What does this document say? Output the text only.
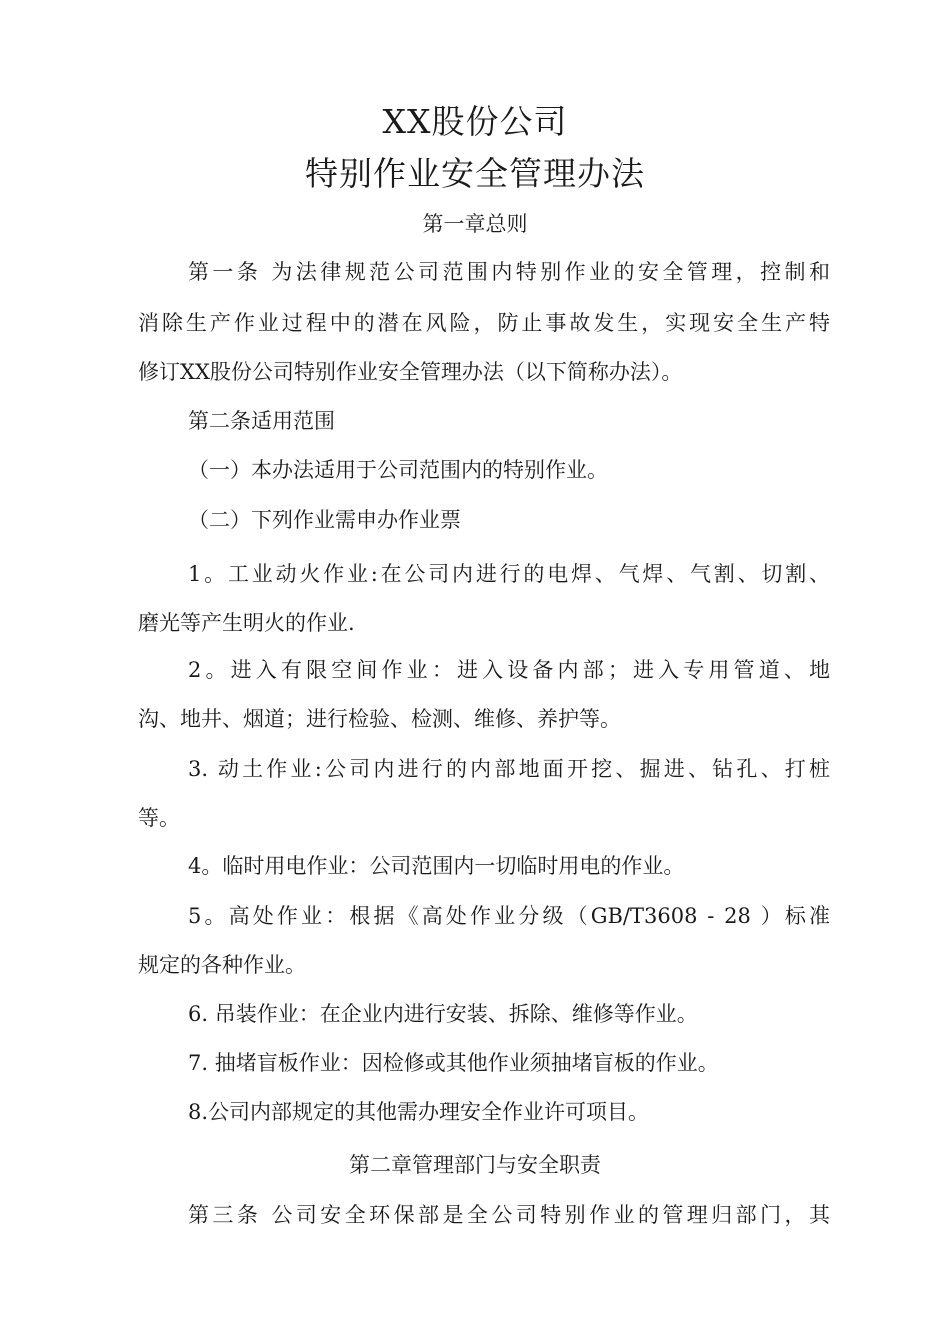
XX股份公司
特别作业安全管理办法
第一章总则
第一条 为法律规范公司范围内特别作业的安全管理，控制和
消除生产作业过程中的潜在风险，防止事故发生，实现安全生产特
修订XX股份公司特别作业安全管理办法（以下简称办法）。
第二条适用范围
（一）本办法适用于公司范围内的特别作业。
（二）下列作业需申办作业票
1。工业动火作业:在公司内进行的电焊、气焊、气割、切割、
磨光等产生明火的作业.
2。进入有限空间作业：进入设备内部；进入专用管道、地
沟、地井、烟道；进行检验、检测、维修、养护等。
3. 动土作业:公司内进行的内部地面开挖、掘进、钻孔、打桩
等。
4。临时用电作业：公司范围内一切临时用电的作业。
5。高处作业：根据《高处作业分级（GB/T3608 - 28 ）标准
规定的各种作业。
6. 吊装作业：在企业内进行安装、拆除、维修等作业。
7. 抽堵盲板作业：因检修或其他作业须抽堵盲板的作业。
8.公司内部规定的其他需办理安全作业许可项目。
第二章管理部门与安全职责
第三条 公司安全环保部是全公司特别作业的管理归部门，其
